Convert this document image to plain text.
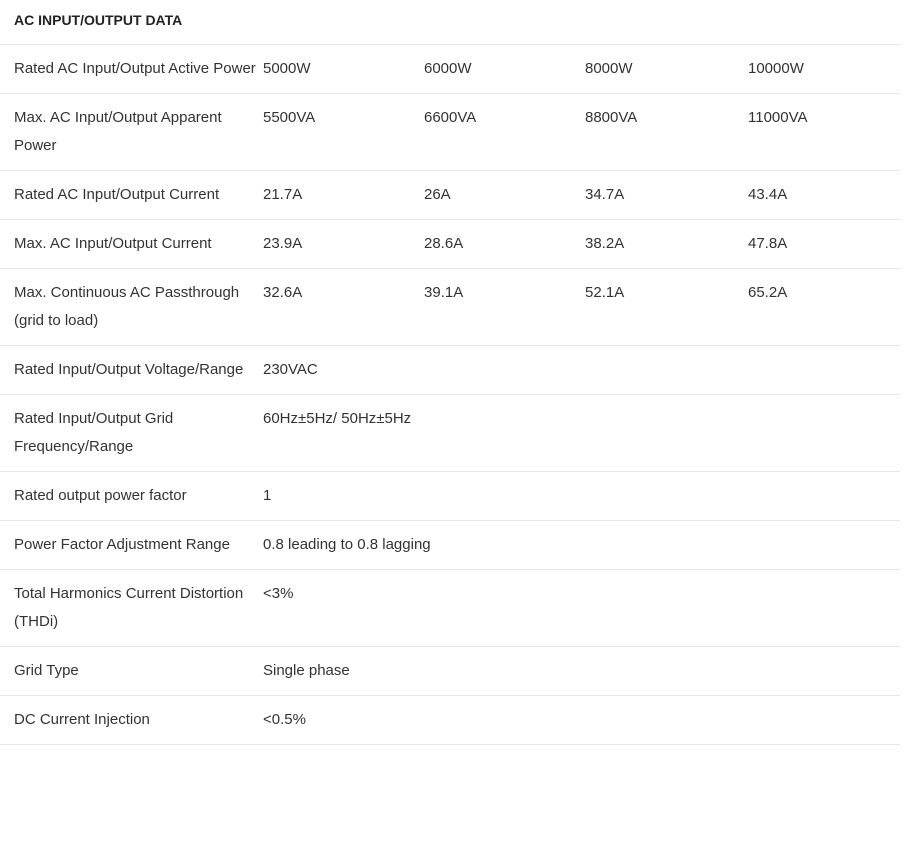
AC INPUT/OUTPUT DATA				
Rated AC Input/Output Active Power	5000W	6000W	8000W	10000W
Max. AC Input/Output Apparent Power	5500VA	6600VA	8800VA	11000VA
Rated AC Input/Output Current	21.7A	26A	34.7A	43.4A
Max. AC Input/Output Current	23.9A	28.6A	38.2A	47.8A
Max. Continuous AC Passthrough (grid to load)	32.6A	39.1A	52.1A	65.2A
Rated Input/Output Voltage/Range	230VAC			
Rated Input/Output Grid Frequency/Range	60Hz±5Hz/ 50Hz±5Hz			
Rated output power factor	1			
Power Factor Adjustment Range	0.8 leading to 0.8 lagging			
Total Harmonics Current Distortion (THDi)	<3%			
Grid Type	Single phase			
DC Current Injection	<0.5%			
